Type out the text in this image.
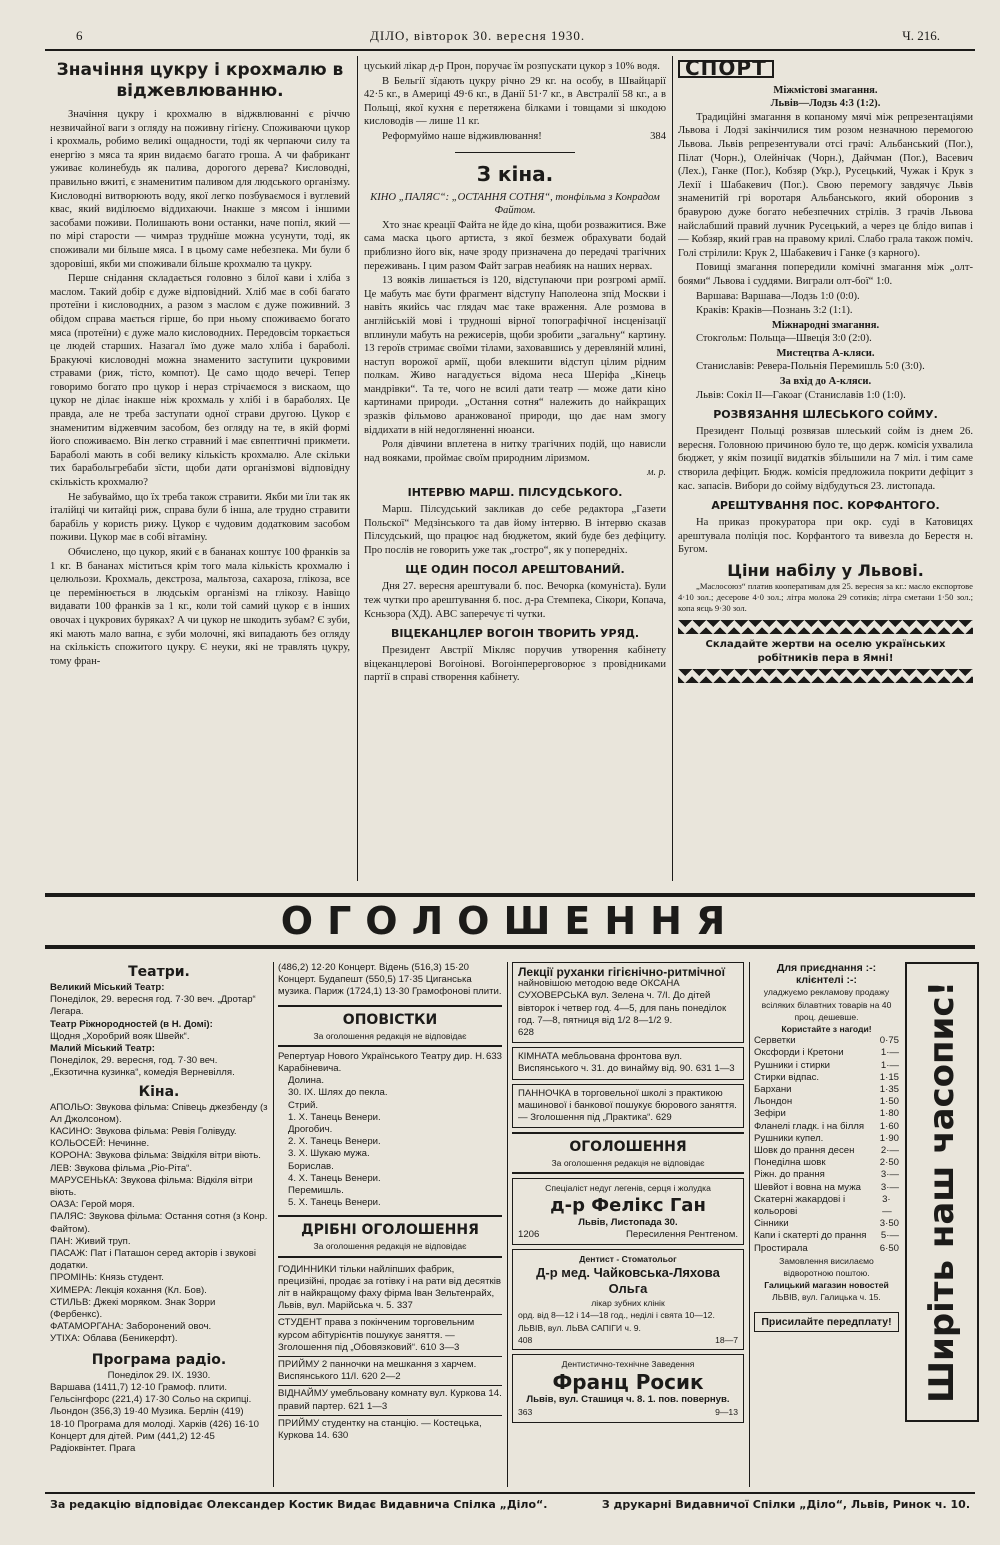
6	ДІЛО, вівторок 30. вересня 1930.	Ч. 216.
Значіння цукру і крохмалю в віджевлюванню.

Значіння цукру і крохмалю в віджвлюванні є річчю незвичайної ваги з огляду на поживну гігієну. Споживаючи цукор і крохмаль, робимо великі ощадности, тоді як черпаючи силу та енергію з мяса та ярин видаємо багато гроша. А чи фабрикант уживає колинебудь як палива, дорогого дерева? Кисловодні, правильно вжиті, є знаменитим паливом для людського організму. Кисловодні витворюють воду, якої легко позбуваємося і вуглевий квас, який виділюємо віддихаючи. Інакше з мясом і іншими засобами поживи. Полишають вони останки, наче попіл, який — по мірі старости — чимраз труднїше можна усунути, тоді, як споживали ми більше мяса. І в цьому саме небезпека. Ми були б здоровіші, якби ми споживали більше крохмалю та цукру.

Перше снідання складається головно з білої кави і хліба з маслом. Такий добір є дуже відповідний. Хліб має в собі багато протеїни і кисловодних, а разом з маслом є дуже поживний. З обідом справа мається гірше, бо при ньому споживаємо богато мяса (протеїни) є дуже мало кисловодних. Передовсім торкається це людей старших. Назагал їмо дуже мало хліба і бараболі. Бракуючі кисловодні можна знаменито заступити цукровими стравами (риж, тісто, компот). Це само щодо вечері. Тепер говоримо богато про цукор і нераз стрічаємося з вискаом, що цукор не ділає інакше ніж крохмаль у хлібі і в бараболях. Це правда, але не треба заступати одної страви другою. Цукор є знаменитим віджевчим засобом, без огляду на те, в якій формі його споживаємо. Він легко стравний і має євпептичні прикмети. Бараболі мають в собі велику кількість крохмалю. Але скільки тих барабольгребаби зїсти, щоби дати організмові відповідну скількість крохмалю?

Не забуваймо, що їх треба також стравити. Якби ми їли так як італійці чи китайці риж, справа були б інша, але трудно стравити барабіль у користь рижу. Цукор є чудовим додатковим засобом поживи. Цукор має в собі вітаміну.

Обчислено, що цукор, який є в бананах коштує 100 франків за 1 кг. В бананах міститься крім того мала кількість крохмалю і целюльози. Крохмаль, декстроза, мальтоза, сахароза, глікоза, все це перемінюється в людськім організмі на глікозу. Навіщо видавати 100 франків за 1 кг., коли той самий цукор є в інших овочах і цукрових буряках? А чи цукор не шкодить зубам? Є зуби, які мають мало вапна, є зуби молочні, які випадають без огляду на скількість спожитого цукру. Є неуки, які не травлять цукру, тому фран-

цуський лікар д-р Прон, поручає їм розпускати цукор з 10% водя.

В Бельгії зїдають цукру річно 29 кг. на особу, в Швайцарії 42·5 кг., в Америці 49·6 кг., в Данії 51·7 кг., в Австралії 58 кг., а в Польщі, якої кухня є перетяжена білками і товщами зі шкодою кисловодів — лише 11 кг.

Реформуймо наше відживлювання!	384

З кіна.

КІНО „ПАЛЯС“: „ОСТАННЯ СОТНЯ“, тонфільма з Конрадом Файтом.

Хто знає креації Файта не йде до кіна, щоби розважитися. Вже сама маска цього артиста, з якої безмеж обрахувати бодай приблизно його вік, наче зроду призначена до передачі трагічних переживань. І цим разом Файт заграв неабияк на наших нервах.

13 вояків лишається із 120, відступаючи при розгромі армії. Це мабуть має бути фрагмент відступу Наполеона зпід Москви і навіть якийсь час глядач має таке враження. Але розмова в англійській мові і трудноші вірної топографічної інсценізації вплинули мабуть на режисерів, щоби зробити „загальну“ картину. 13 героїв стримає своїми тілами, заховавшись у деревляній млині, наступ ворожої армії, щоби влекшити відступ цілим рідним полкам. Живо нагадується відома неса Шеріфа „Кінець мандрівки“. Та те, чого не всилі дати театр — може дати кіно картинами природи. „Остання сотня“ належить до найкращих зразків фільмово аранжованої природи, що дає нам змогу віддихати в ній недогляненні нюанси.

Роля дівчини вплетена в нитку трагічних подій, що нависли над вояками, проймає своїм природним ліризмом.

м. р.
ІНТЕРВЮ МАРШ. ПІЛСУДСЬКОГО.

Марш. Пілсудський закликав до себе редактора „Газети Польскої“ Медзінського та дав йому інтервю. В інтервю сказав Пілсудський, що працює над бюджетом, який буде без дефіциту. Про послів не говорить уже так „гостро“, як у попередніх.

ЩЕ ОДИН ПОСОЛ АРЕШТОВАНИЙ.

Дня 27. вересня арештували б. пос. Вечорка (комуніста). Були теж чутки про арештування б. пос. д-ра Стемпека, Сікори, Копача, Ксньзора (ХД). АВС заперечує ті чутки.

ВІЦЕКАНЦЛЕР ВОГОІН ТВОРИТЬ УРЯД.

Президент Австрії Мікляс поручив утворення кабінету віцеканцлерові Вогоінові. Вогоінперерговорює з провідниками партії в справі створення кабінету.

СПОРТ
Міжмістові змагання.
Львів—Лодзь 4:3 (1:2).

Традиційні змагання в копаному мячі між репрезентаціями Львова і Лодзі закінчилися тим розом незначною перемогою Львова. Львів репрезентували отсі грачі: Альбанський (Пог.), Пілат (Чорн.), Олейнічак (Чорн.), Дайчман (Пог.), Васевич (Лех.), Ганке (Пог.), Кобзяр (Укр.), Русецький, Чужак і Крук з Лехії і Шабакевич (Пог.). Свою перемогу завдячує Львів знаменитій грі воротаря Альбанського, який оборонив з бравурою дуже богато небезпечних стрілів. З грачів Львова найслабший правий лучник Русецький, а через це блідо випав і — Кобзяр, який грав на правому крилі. Слабо грала також поміч. Голі стрілили: Крук 2, Шабакевич і Ганке (з карного).

Повищі змагання попередили комічні змагання між „олт-боями“ Львова і суддями. Виграли олт-бої“ 1:0.

Варшава: Варшава—Лодзь 1:0 (0:0).

Краків: Краків—Познань 3:2 (1:1).

Міжнародні змагання.

Стокгольм: Польща—Швеція 3:0 (2:0).

Мистецтва А-кляси.

Станиславів: Ревера-Польнія Перемишль 5:0 (3:0).

За вхід до А-кляси.

Львів: Сокіл II—Гакоаг (Станиславів 1:0 (1:0).

РОЗВЯЗАННЯ ШЛЕСЬКОГО СОЙМУ.

Президент Польщі розвязав шлеський сойм із днем 26. вересня. Головною причиною було те, що держ. комісія ухвалила бюджет, у якім позиції видатків збільшили на 7 міл. і тим саме створила дефіцит. Бюдж. комісія предложила покрити дефіцит з кас. запасів. Вибори до сойму відбудуться 23. листопада.

АРЕШТУВАННЯ ПОС. КОРФАНТОГО.

На приказ прокуратора при окр. суді в Катовицях арештувала поліція пос. Корфантого та вивезла до Берестя н. Бугом.

Ціни набілу у Львові.

„Маслосоюз“ платив кооперативам для 25. вересня за кг.: масло експортове 4·10 зол.; десерове 4·0 зол.; літра молока 29 сотиків; літра сметани 1·50 зол.; копа яєць 9·30 зол.

Складайте жертви на оселю українських робітників пера в Ямні!
ОГОЛОШЕННЯ
Театри.
Великий Міський Театр:
Понеділок, 29. вересня год. 7·30 веч. „Дротар“ Легара.
Театр Ріжнородностей (в Н. Домі):
Щодня „Хоробрий вояк Швейк“.
Малий Міський Театр:
Понеділок, 29. вересня, год. 7·30 веч. „Екзотична кузинка“, комедія Верневілля.
Кіна.
АПОЛЬО: Звукова фільма: Співець джезбенду (з Ал Джолсоном).
КАСИНО: Звукова фільма: Ревія Голівуду.
КОЛЬОСЕЙ: Нечинне.
КОРОНА: Звукова фільма: Звідкіля вітри віють.
ЛЕВ: Звукова фільма „Ріо-Ріта“.
МАРУСЕНЬКА: Звукова фільма: Відкіля вітри віють.
ОАЗА: Герой моря.
ПАЛЯС: Звукова фільма: Остання сотня (з Конр. Файтом).
ПАН: Живий труп.
ПАСАЖ: Пат і Паташон серед акторів і звукові додатки.
ПРОМІНЬ: Князь студент.
ХИМЕРА: Лекція кохання (Кл. Бов).
СТИЛЬВ: Джекі моряком. Знак Зорри (Фербенкс).
ФАТАМОРГАНА: Заборонений овоч.
УТІХА: Облава (Беникерфт).
Програма радіо.
Понеділок 29. IX. 1930.
Варшава (1411,7) 12·10 Грамоф. плити. Гельсінгфорс (221,4) 17·30 Сольо на скрипці. Льондон (356,3) 19·40 Музика. Берлін (419) 18·10 Програма для молоді. Харків (426) 16·10 Концерт для дітей. Рим (441,2) 12·45 Радіоквінтет. Прага
(486,2) 12·20 Концерт. Відень (516,3) 15·20 Концерт. Будапешт (550,5) 17·35 Циганська музика. Париж (1724,1) 13·30 Грамофонові плити.
ОПОВІСТКИ
За оголошення редакція не відповідає
Репертуар Нового Українського Театру дир. Н. Карабіневича.
633
Долина.
30. IX. Шлях до пекла.
Стрий.
1. X. Танець Венери.
Дрогобич.
2. X. Танець Венери.
3. X. Шукаю мужа.
Борислав.
4. X. Танець Венери.
Перемишль.
5. X. Танець Венери.
ДРІБНІ ОГОЛОШЕННЯ
За оголошення редакція не відповідає
ГОДИННИКИ тільки найліпших фабрик, прецизійні, продає за готівку і на рати від десятків літ в найкращому фаху фірма Іван Зельтенрайх, Львів, вул. Марійська ч. 5. 337
СТУДЕНТ права з покінченим торговельним курсом абітурієнтів пошукує заняття. — Зголошення під „Обовязковий“. 610 3—3
ПРИЙМУ 2 панночки на мешкання з харчем. Виспянського 11/I. 620 2—2
ВІДНАЙМУ умебльовану комнату вул. Куркова 14. правий партер. 621 1—3
ПРИЙМУ студентку на станцію. — Костецька, Куркова 14. 630
Лекції руханки гігієнічно-ритмічної
найновішою методою веде ОКСАНА СУХОВЕРСЬКА вул. Зелена ч. 7/I. До дітей вівторок і четвер год. 4—5, для пань понеділок год. 7—8, пятниця від 1/2 8—1/2 9.
628
КІМНАТА мебльована фронтова вул. Виспянського ч. 31. до винайму від. 90. 631 1—3
ПАННОЧКА в торговельної школі з практикою машинової і банкової пошукує бюрового заняття. — Зголошення під „Практика“. 629
ОГОЛОШЕННЯ
За оголошення редакція не відповідає
Спеціаліст недуг легенів, серця і жолудка
д-р Фелікс Ган
Львів, Листопада 30.
1206	Пересилення Рентгеном.
Дентист - Стоматольог
Д-р мед. Чайковська-Ляхова Ольга
лікар зубних клінік
орд. від 8—12 і 14—18 год., неділі і свята 10—12. ЛЬВІВ, вул. ЛЬВА САПІГИ ч. 9.
408	18—7
Дентистично-технічне Заведення
Франц Росик
Львів, вул. Сташиця ч. 8. 1. пов. повернув.
363	9—13
Для приєднання :-: клієнтелі :-:
уладжуємо рекламову продажу всіляких білавтних товарів на 40 проц. дешевше.
Користайте з нагоди!
Серветки	0·75
Оксфорди і Кретони	1·—
Рушники і стирки	1·—
Стирки відпаc.	1·15
Бархани	1·35
Льондон	1·50
Зефіри	1·80
Фланелі гладк. і на білля 1·60
Рушники купел.	1·90
Шовк до прання десен	2·—
Понеділна шовк	2·50
Ріжн. до прання	3·—
Шевйот і вовна на мужа 3·—
Скатерні жакардові і кольорові
3·—
Сінники	3·50
Капи і скатерті до прання 5·—
Простирала	6·50
Замовлення висилаємо відворотною поштою.
Галицький магазин новостей
ЛЬВІВ, вул. Галицька ч. 15.
Присилайте передплату! Ширіть наш часопис!
За редакцію відповідає Олександер Костик Видає Видавнича Спілка „Діло“.	З друкарні Видавничої Спілки „Діло“, Львів, Ринок ч. 10.
